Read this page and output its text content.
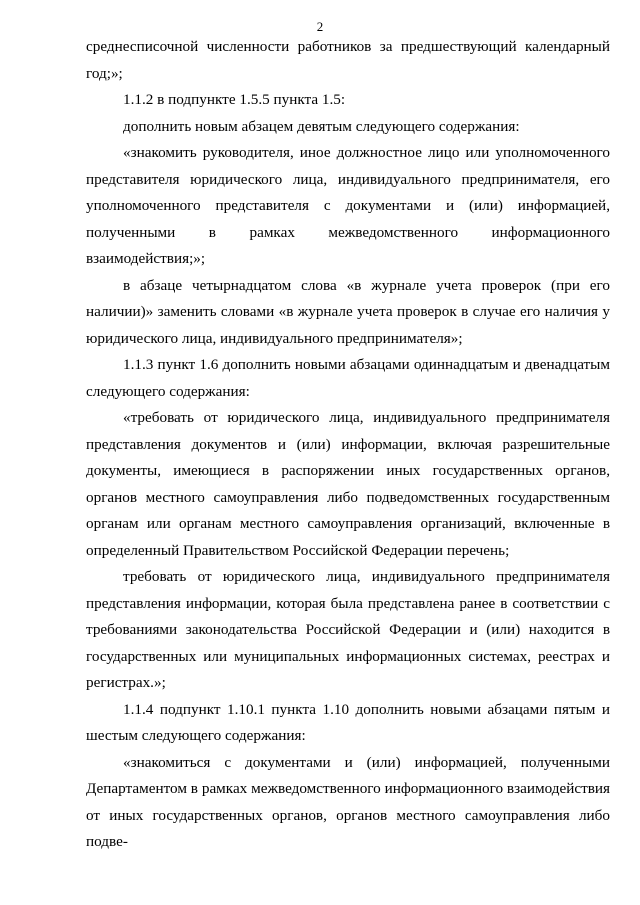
2

среднесписочной численности работников за предшествующий календарный год;»;

1.1.2 в подпункте 1.5.5 пункта 1.5:

дополнить новым абзацем девятым следующего содержания:

«знакомить руководителя, иное должностное лицо или уполномоченного представителя юридического лица, индивидуального предпринимателя, его уполномоченного представителя с документами и (или) информацией, полученными в рамках межведомственного информационного взаимодействия;»;

в абзаце четырнадцатом слова «в журнале учета проверок (при его наличии)» заменить словами «в журнале учета проверок в случае его наличия у юридического лица, индивидуального предпринимателя»;

1.1.3 пункт 1.6 дополнить новыми абзацами одиннадцатым и двенадцатым следующего содержания:

«требовать от юридического лица, индивидуального предпринимателя представления документов и (или) информации, включая разрешительные документы, имеющиеся в распоряжении иных государственных органов, органов местного самоуправления либо подведомственных государственным органам или органам местного самоуправления организаций, включенные в определенный Правительством Российской Федерации перечень;

требовать от юридического лица, индивидуального предпринимателя представления информации, которая была представлена ранее в соответствии с требованиями законодательства Российской Федерации и (или) находится в государственных или муниципальных информационных системах, реестрах и регистрах.»;

1.1.4 подпункт 1.10.1 пункта 1.10 дополнить новыми абзацами пятым и шестым следующего содержания:

«знакомиться с документами и (или) информацией, полученными Департаментом в рамках межведомственного информационного взаимодействия от иных государственных органов, органов местного самоуправления либо подве-
